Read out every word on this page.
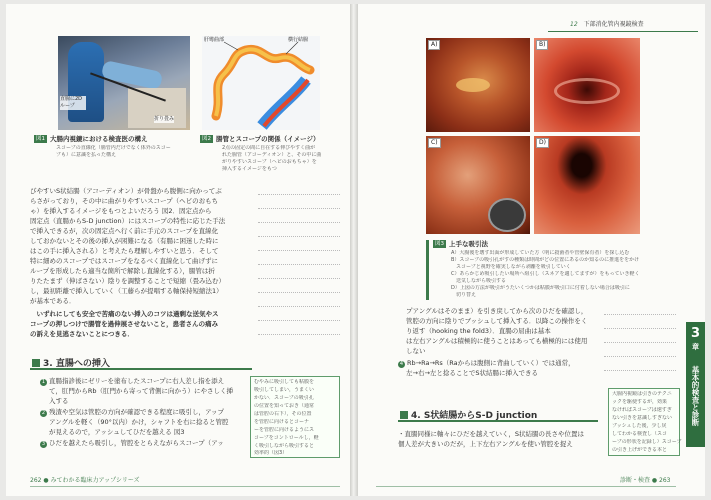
直腸に2D
ループ
折り畳み
肝彎曲部	横行結腸
図1 大腸内視鏡における検査医の構え
スコープの直線化（腸管内だけでなく体外のスコー
プも）に意識を払った構え
図2 腸管とスコープの関係（イメージ）
2点の固定の間に自在する伸びやすく曲が
れた腸管（アコーディオン）と、その中に曲
がりやすいスコープ（ヘビのおもちゃ）を
挿入するイメージをもつ
びやすいS状結腸（アコーディオン）が骨盤から腹側に向かってぶ
らさがっており，その中に曲がりやすいスコープ（ヘビのおもち
ゃ）を挿入するイメージをもつとよいだろう 図2．固定点から
固定点（直腸からS-D junction）にはスコープの特性に応じた手法
で挿入できるが，次の固定点へ行く前に手元のスコープを直線化
しておかないとその後の挿入が困難になる（有腸に困迷した時に
はこの手に挿入される）と考えたら理解しやすいと思う．そして
特に細めのスコープではスコープをなるべく直線化して曲げずに
ループを形成したら適当な箇所で解除し直線化する），腸管は折
りたたまず（伸ばさない）陰りを調整することで短縮（畳み込む）
し，最初距離で挿入していく（工藤らが提唱する軸保持短縮法1）
が基本である．
　いずれにしても安全で苦痛のない挿入のコツは過剰な送気やス
コープの押しつけで腸管を過伸展させないこと，患者さんの痛み
の訴えを見逃さないことにつきる．
3. 直腸への挿入
1 直腸指診後にゼリーを塗布したスコープに右人差し指を添え
て，肛門からRb（肛門から寄って背側に向かう）にやさしく挿
入する
2 残渣や空気は管腔の方向が確認できる程度に吸引し，アップ
アングルを軽く（90°以内）かけ，シャフトを右に捻ると管腔
が見えるので，アッシュしてひだを越える 図3
3 ひだを越えたら吸引し，管腔をとらえながらスコープ（アッ
むやみに吸引しても粘膜を
吸引してしまい，うまくい
かない．スコープの吸引孔
の位置を知っておき（通常
は管腔の右下），その位置
を管腔に向けるとコーナ
ーを管腔に向けるようにス
コープをコントロールし，軽
く吸引しながら吸引すると
効率的（図3）
262 ● みてわかる臨床力アップシリーズ
12 下部消化管内視鏡検査
A)	B)
C)	D)
図3 上手な吸引法
A）大腸後を壊す出面が形成していた方（明に殺菌者や管壁保有者）を探し込む
B）スコープの吸引孔がすの種類は時間がどの位置にあるのか知るのに推進ををかけ
　スコープと視野を確実しながら剥離を吸引していく
C）あらかじめ吸引したい場所へ組引し（スネアを適してますが）をもっていき軽く
　送気しながら吸引する
D）上図の方法が吸引がうたいくつかは粘膜が吸引口に付着しない場合は吸引に
　切り替え
プアングルはそのまま）を引き戻してから次のひだを確認し，
管腔の方向に陰りでブッシュして挿入する．以降この操作をく
り返す（hooking the fold3）．直腸の屈曲は基本
は左右アングルは積極的に使うことはあっても横極的には使用
しない
4 Rb→Ra→Rs（Raからは腹側に背曲していく）では通常，
左→右→左と捻ることでS状結腸に挿入できる
4. S状結腸からS-D junction
・直腸同様に軸々にひだを越えていく，S状結腸の長さや位置は
個人差が大きいのだが，上下左右アングルを使い管腔を捉え
大腸内視鏡は引きのテクニ
ックを駆使するが，効果
なければスコープは速すぎ
ない引きを意識しすぎない
ブッシュした後，少し戻
してわかる検査し（スコ
ープの形状を記録し）スコープ
の引き上げができる本と
3
章
基本的検査と診断
診断・検査 ● 263
